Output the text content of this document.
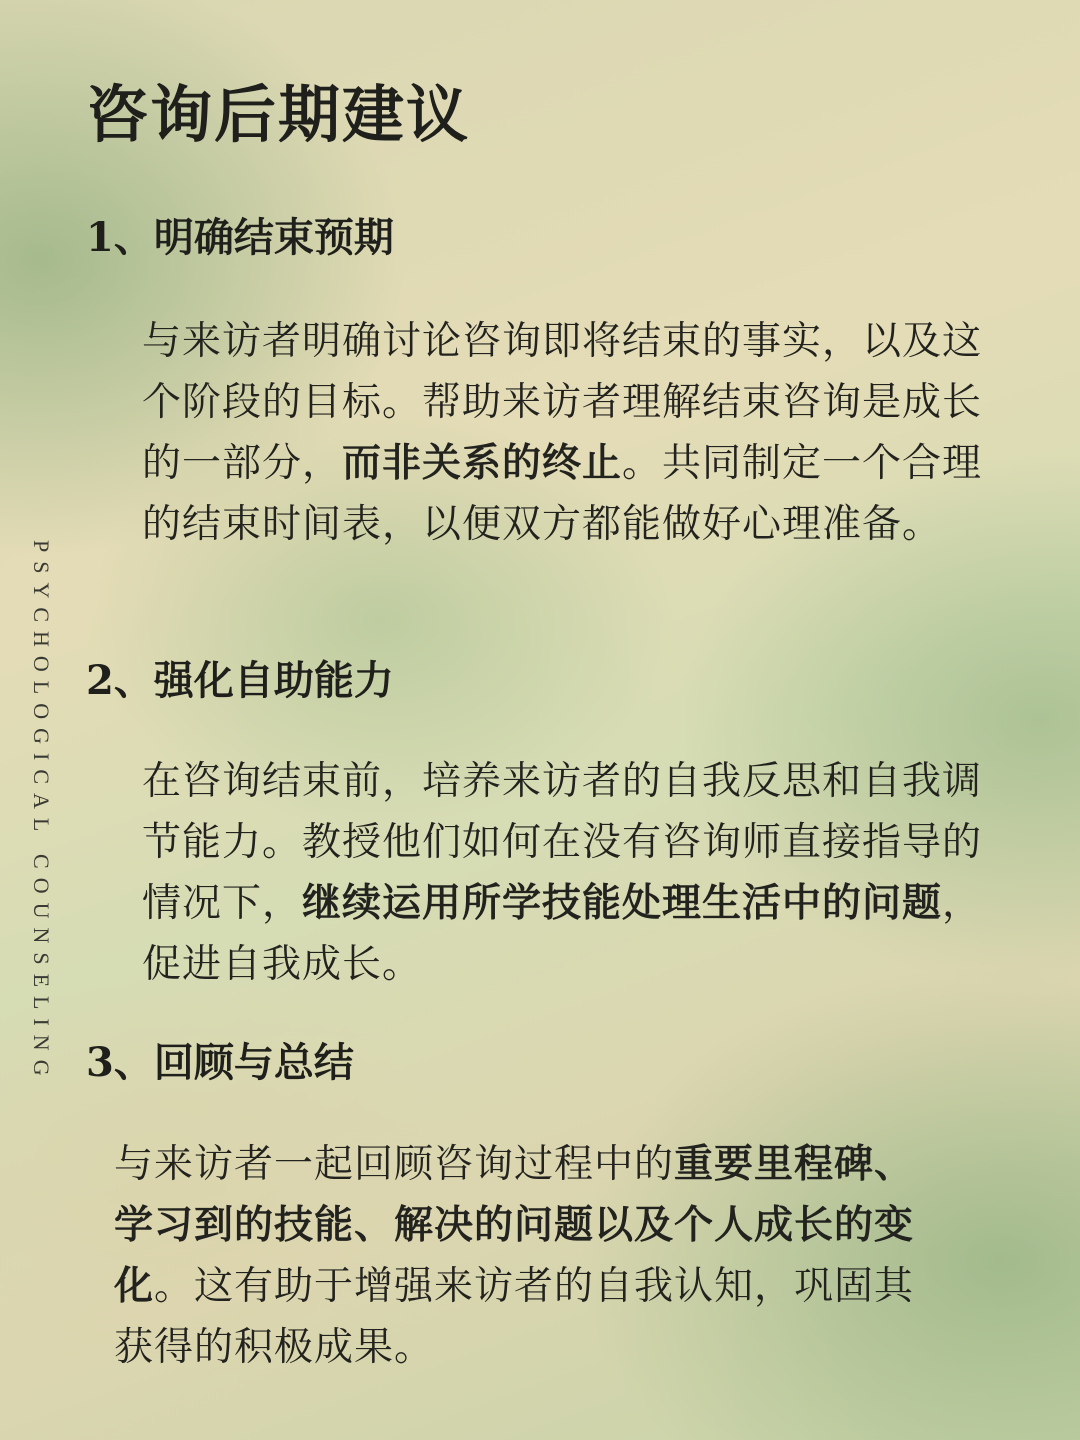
咨询后期建议
PSYCHOLOGICAL COUNSELING
1、明确结束预期

与来访者明确讨论咨询即将结束的事实，以及这个阶段的目标。帮助来访者理解结束咨询是成长的一部分，而非关系的终止。共同制定一个合理的结束时间表，以便双方都能做好心理准备。

2、强化自助能力

在咨询结束前，培养来访者的自我反思和自我调节能力。教授他们如何在没有咨询师直接指导的情况下，继续运用所学技能处理生活中的问题，促进自我成长。

3、回顾与总结

与来访者一起回顾咨询过程中的重要里程碑、学习到的技能、解决的问题以及个人成长的变化。这有助于增强来访者的自我认知，巩固其获得的积极成果。
